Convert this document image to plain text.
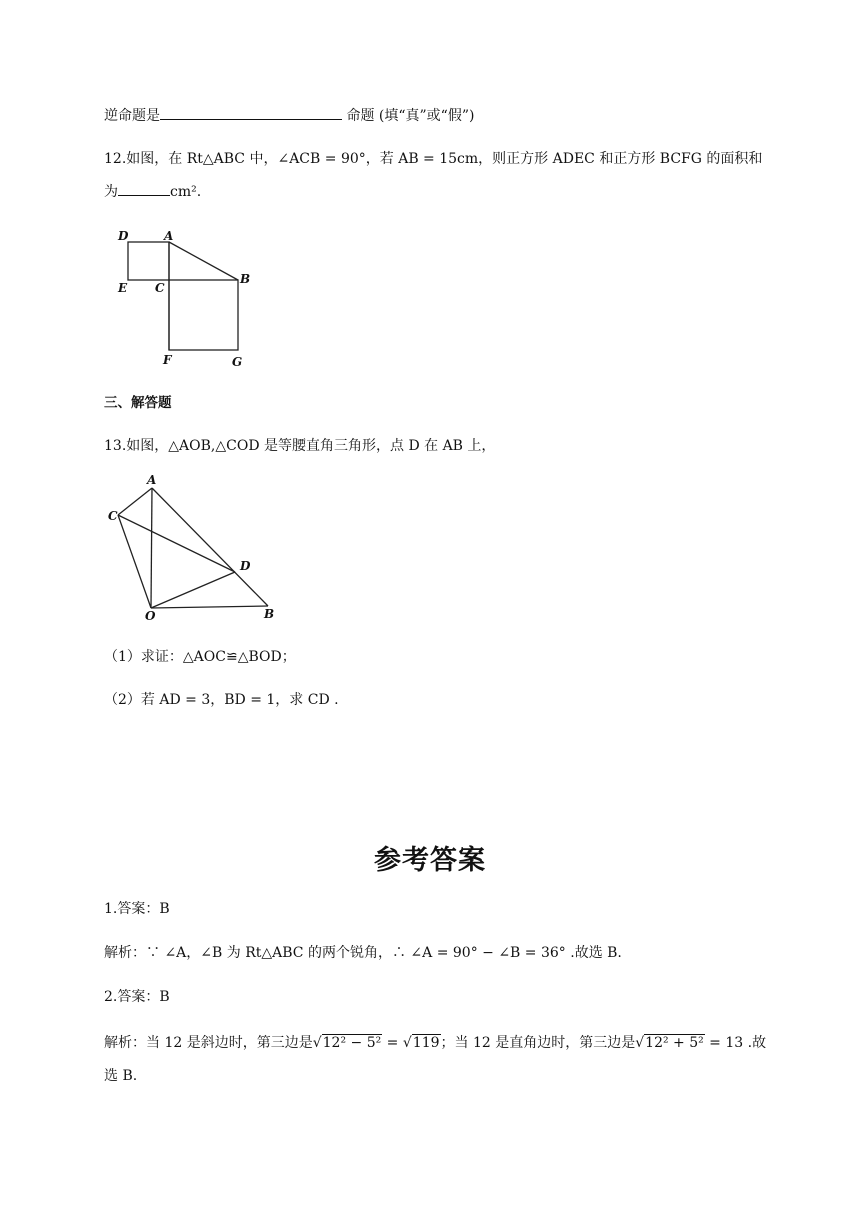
逆命题是	命题 (填“真”或“假”)
12.如图，在 Rt△ABC 中，∠ACB = 90°，若 AB = 15cm，则正方形 ADEC 和正方形 BCFG 的面积和
为	cm².
D	A
B
E C
F	G
三、解答题
13.如图，△AOB,△COD 是等腰直角三角形，点 D 在 AB 上，
A
C
D
O	B
（1）求证：△AOC≌△BOD；
（2）若 AD = 3，BD = 1，求 CD .
参考答案
1.答案：B
解析：∵ ∠A，∠B 为 Rt△ABC 的两个锐角，∴ ∠A = 90° − ∠B = 36° .故选 B.
2.答案：B
解析：当 12 是斜边时，第三边是√12² − 5² = √119；当 12 是直角边时，第三边是√12² + 5² = 13 .故
选 B.
